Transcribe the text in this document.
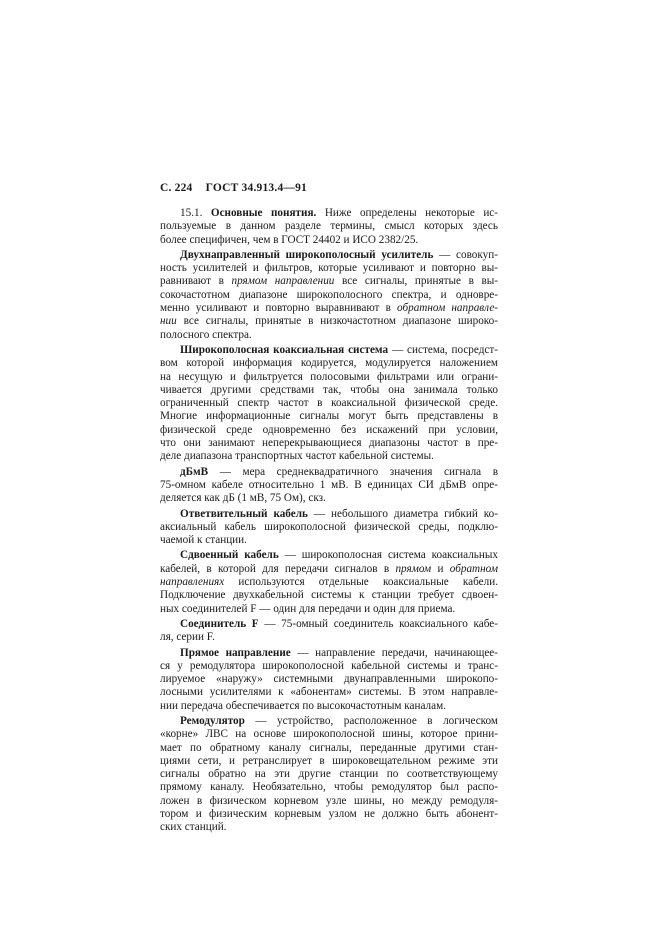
С. 224 ГОСТ 34.913.4—91
15.1. Основные понятия. Ниже определены некоторые ис-
пользуемые в данном разделе термины, смысл которых здесь
более специфичен, чем в ГОСТ 24402 и ИСО 2382/25.
Двухнаправленный широкополосный усилитель — совокуп-
ность усилителей и фильтров, которые усиливают и повторно вы-
равнивают в прямом направлении все сигналы, принятые в вы-
сокочастотном диапазоне широкополосного спектра, и одновре-
менно усиливают и повторно выравнивают в обратном направле-
нии все сигналы, принятые в низкочастотном диапазоне широко-
полосного спектра.
Широкополосная коаксиальная система — система, посредст-
вом которой информация кодируется, модулируется наложением
на несущую и фильтруется полосовыми фильтрами или ограни-
чивается другими средствами так, чтобы она занимала только
ограниченный спектр частот в коаксиальной физической среде.
Многие информационные сигналы могут быть представлены в
физической среде одновременно без искажений при условии,
что они занимают неперекрывающиеся диапазоны частот в пре-
деле диапазона транспортных частот кабельной системы.
дБмВ — мера среднеквадратичного значения сигнала в
75-омном кабеле относительно 1 мВ. В единицах СИ дБмВ опре-
деляется как дБ (1 мВ, 75 Ом), скз.
Ответвительный кабель — небольшого диаметра гибкий ко-
аксиальный кабель широкополосной физической среды, подклю-
чаемой к станции.
Сдвоенный кабель — широкополосная система коаксиальных
кабелей, в которой для передачи сигналов в прямом и обратном
направлениях используются отдельные коаксиальные кабели.
Подключение двухкабельной системы к станции требует сдвоен-
ных соединителей F — один для передачи и один для приема.
Соединитель F — 75-омный соединитель коаксиального кабе-
ля, серии F.
Прямое направление — направление передачи, начинающее-
ся у ремодулятора широкополосной кабельной системы и транс-
лируемое «наружу» системными двунаправленными широкопо-
лосными усилителями к «абонентам» системы. В этом направле-
нии передача обеспечивается по высокочастотным каналам.
Ремодулятор — устройство, расположенное в логическом
«корне» ЛВС на основе широкополосной шины, которое прини-
мает по обратному каналу сигналы, переданные другими стан-
циями сети, и ретранслирует в широковещательном режиме эти
сигналы обратно на эти другие станции по соответствующему
прямому каналу. Необязательно, чтобы ремодулятор был распо-
ложен в физическом корневом узле шины, но между ремодуля-
тором и физическим корневым узлом не должно быть абонент-
ских станций.
